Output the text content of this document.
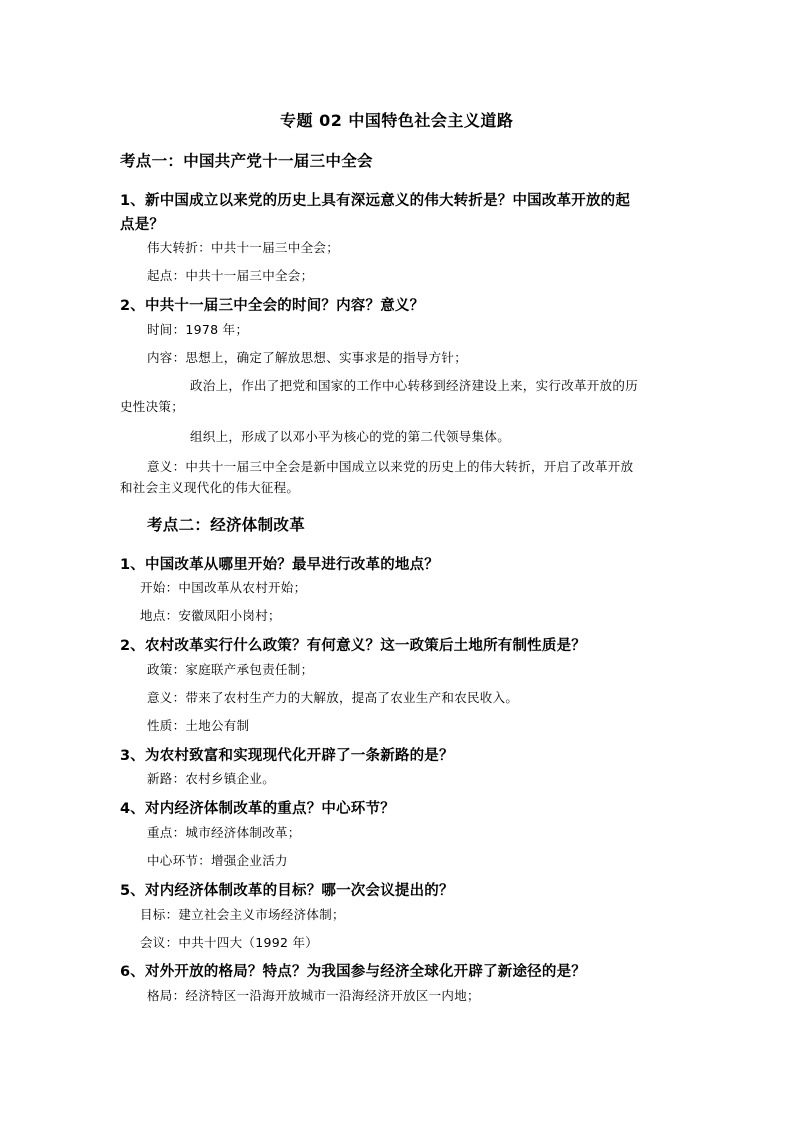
专题 02 中国特色社会主义道路
考点一：中国共产党十一届三中全会
1、新中国成立以来党的历史上具有深远意义的伟大转折是？中国改革开放的起
点是？
伟大转折：中共十一届三中全会；
起点：中共十一届三中全会；
2、中共十一届三中全会的时间？内容？意义？
时间：1978 年；
内容：思想上，确定了解放思想、实事求是的指导方针；
政治上，作出了把党和国家的工作中心转移到经济建设上来，实行改革开放的历
史性决策；
组织上，形成了以邓小平为核心的党的第二代领导集体。
意义：中共十一届三中全会是新中国成立以来党的历史上的伟大转折，开启了改革开放
和社会主义现代化的伟大征程。
考点二：经济体制改革
1、中国改革从哪里开始？最早进行改革的地点？
开始：中国改革从农村开始；
地点：安徽凤阳小岗村；
2、农村改革实行什么政策？有何意义？这一政策后土地所有制性质是？
政策：家庭联产承包责任制；
意义：带来了农村生产力的大解放，提高了农业生产和农民收入。
性质：土地公有制
3、为农村致富和实现现代化开辟了一条新路的是？
新路：农村乡镇企业。
4、对内经济体制改革的重点？中心环节？
重点：城市经济体制改革；
中心环节：增强企业活力
5、对内经济体制改革的目标？哪一次会议提出的？
目标：建立社会主义市场经济体制；
会议：中共十四大（1992 年）
6、对外开放的格局？特点？为我国参与经济全球化开辟了新途径的是？
格局：经济特区一沿海开放城市一沿海经济开放区一内地；
